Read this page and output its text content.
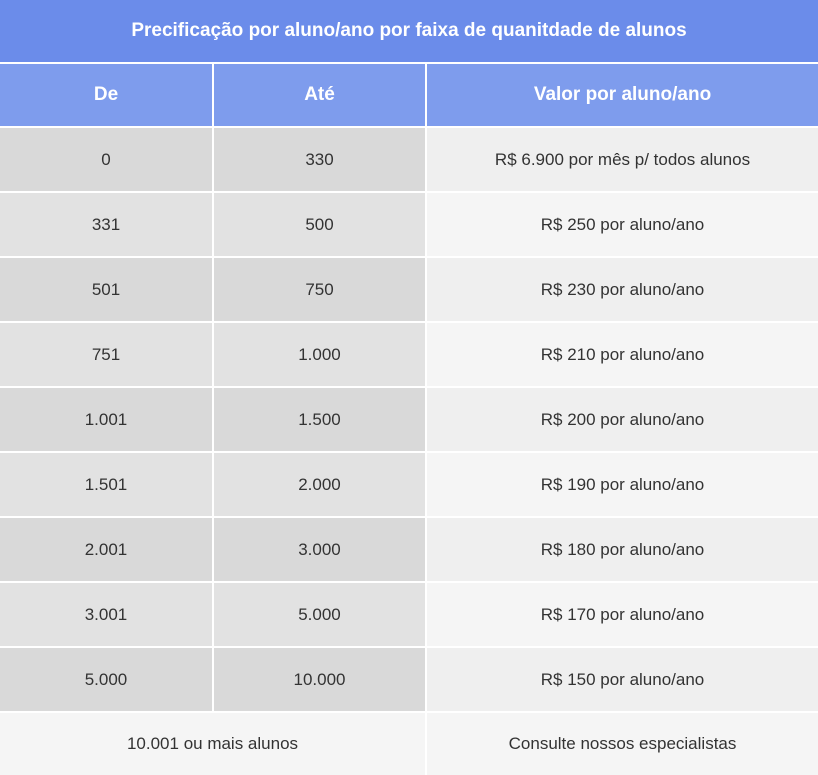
Precificação por aluno/ano por faixa de quanitdade de alunos		
De	Até	Valor por aluno/ano
0	330	R$ 6.900 por mês p/ todos alunos
331	500	R$ 250 por aluno/ano
501	750	R$ 230 por aluno/ano
751	1.000	R$ 210 por aluno/ano
1.001	1.500	R$ 200 por aluno/ano
1.501	2.000	R$ 190 por aluno/ano
2.001	3.000	R$ 180 por aluno/ano
3.001	5.000	R$ 170 por aluno/ano
5.000	10.000	R$ 150 por aluno/ano
10.001 ou mais alunos		Consulte nossos especialistas
